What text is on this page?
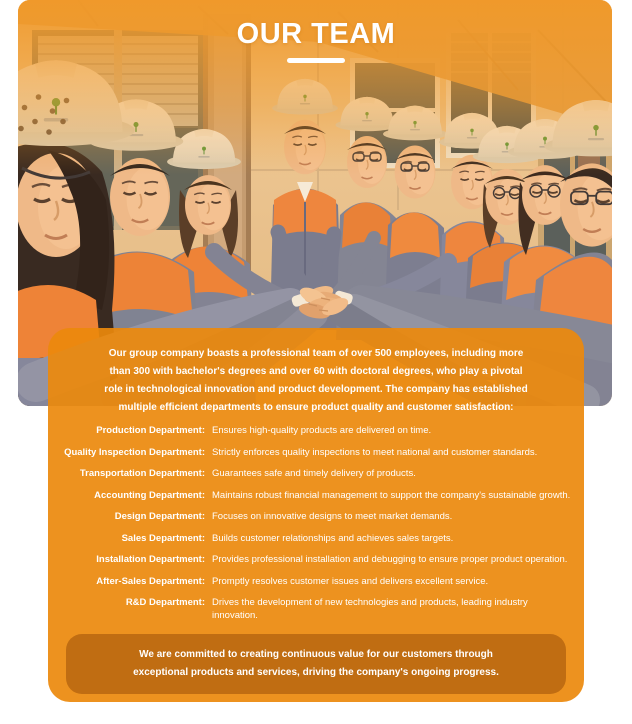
OUR TEAM
Our group company boasts a professional team of over 500 employees, including more than 300 with bachelor's degrees and over 60 with doctoral degrees, who play a pivotal role in technological innovation and product development. The company has established multiple efficient departments to ensure product quality and customer satisfaction:
Production Department: Ensures high-quality products are delivered on time.
Quality Inspection Department: Strictly enforces quality inspections to meet national and customer standards.
Transportation Department: Guarantees safe and timely delivery of products.
Accounting Department: Maintains robust financial management to support the company's sustainable growth.
Design Department: Focuses on innovative designs to meet market demands.
Sales Department: Builds customer relationships and achieves sales targets.
Installation Department: Provides professional installation and debugging to ensure proper product operation.
After-Sales Department: Promptly resolves customer issues and delivers excellent service.
R&D Department: Drives the development of new technologies and products, leading industry innovation.
We are committed to creating continuous value for our customers through exceptional products and services, driving the company's ongoing progress.
